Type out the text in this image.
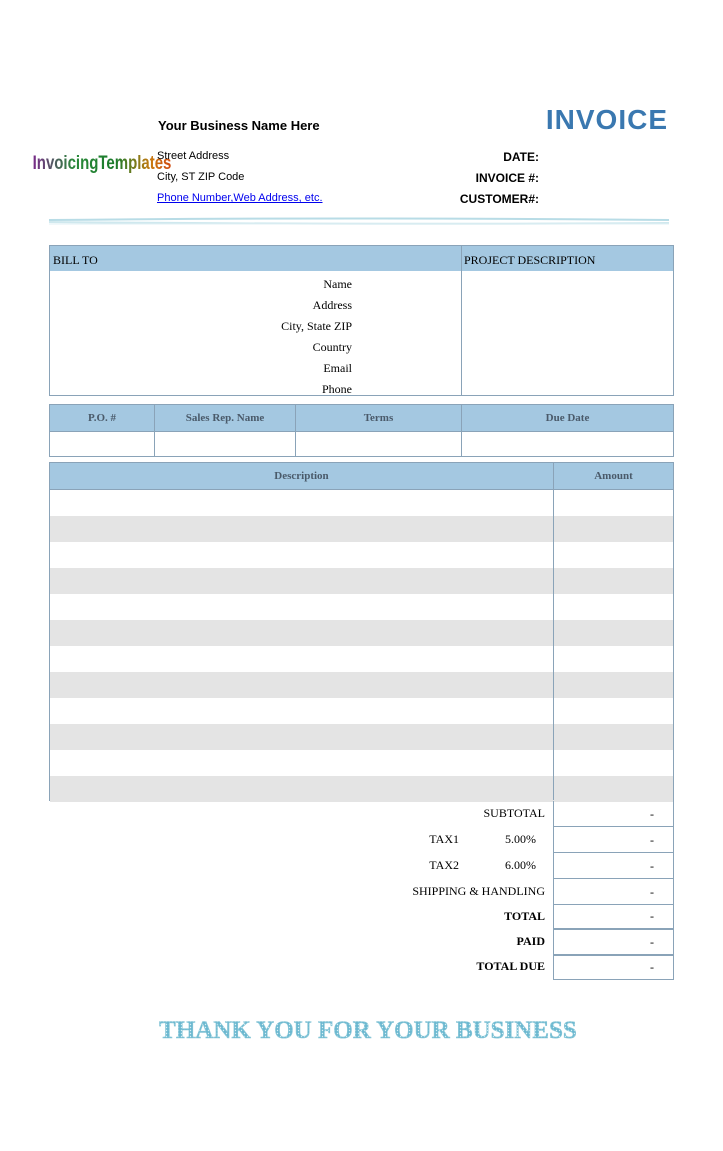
InvoicingTemplates
Your Business Name Here
Street Address
City, ST ZIP Code
Phone Number,Web Address, etc.
INVOICE
DATE:
INVOICE #:
CUSTOMER#:
BILL TO	PROJECT DESCRIPTION
Name
Address
City, State ZIP
Country
Email
Phone
P.O. #	Sales Rep. Name	Terms	Due Date
Description	Amount
SUBTOTAL	-
TAX1	5.00%	-
TAX2	6.00%	-
SHIPPING & HANDLING	-
TOTAL	-
PAID	-
TOTAL DUE	-
THANK YOU FOR YOUR BUSINESS
